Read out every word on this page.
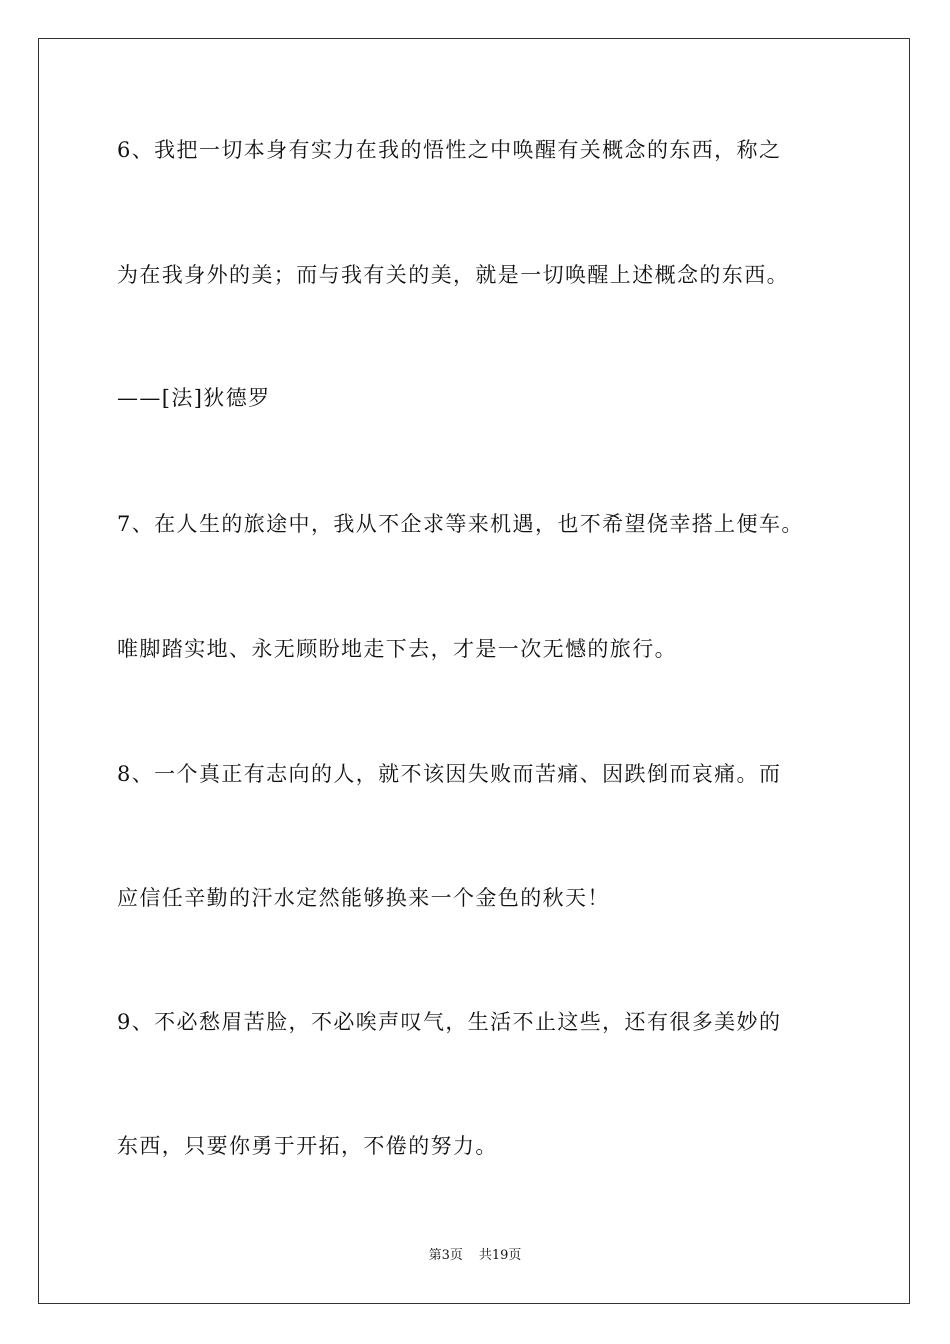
6、我把一切本身有实力在我的悟性之中唤醒有关概念的东西，称之
为在我身外的美；而与我有关的美，就是一切唤醒上述概念的东西。
——[法]狄德罗
7、在人生的旅途中，我从不企求等来机遇，也不希望侥幸搭上便车。
唯脚踏实地、永无顾盼地走下去，才是一次无憾的旅行。
8、一个真正有志向的人，就不该因失败而苦痛、因跌倒而哀痛。而
应信任辛勤的汗水定然能够换来一个金色的秋天！
9、不必愁眉苦脸，不必唉声叹气，生活不止这些，还有很多美妙的
东西，只要你勇于开拓，不倦的努力。
第3页 共19页
